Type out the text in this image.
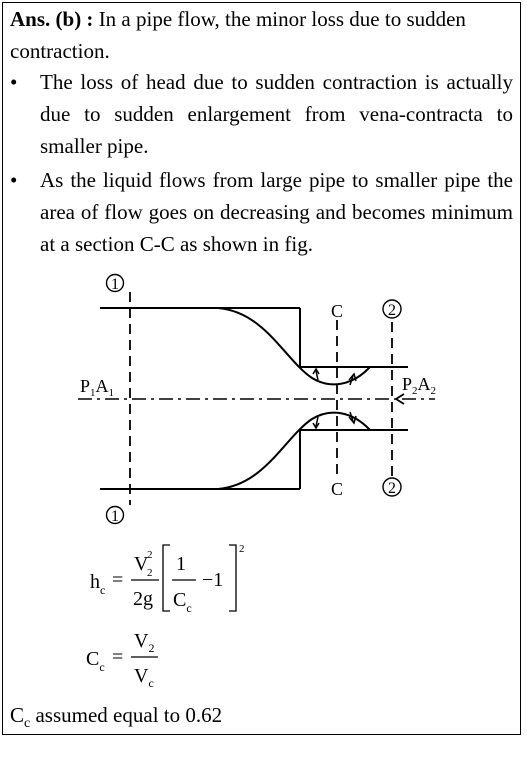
Ans. (b) : In a pipe flow, the minor loss due to sudden contraction.
• The loss of head due to sudden contraction is actually due to sudden enlargement from vena-contracta to smaller pipe.
• As the liquid flows from large pipe to smaller pipe the area of flow goes on decreasing and becomes minimum at a section C-C as shown in fig.
1
1
2
2
C
C
$P_1A_1$	$P_2A_2$
$h_c$ =
V
2
2
2g
1
$C_c$
−1
2
$C_c$ =
$V_2$
$V_c$
$C_c$ assumed equal to 0.62
